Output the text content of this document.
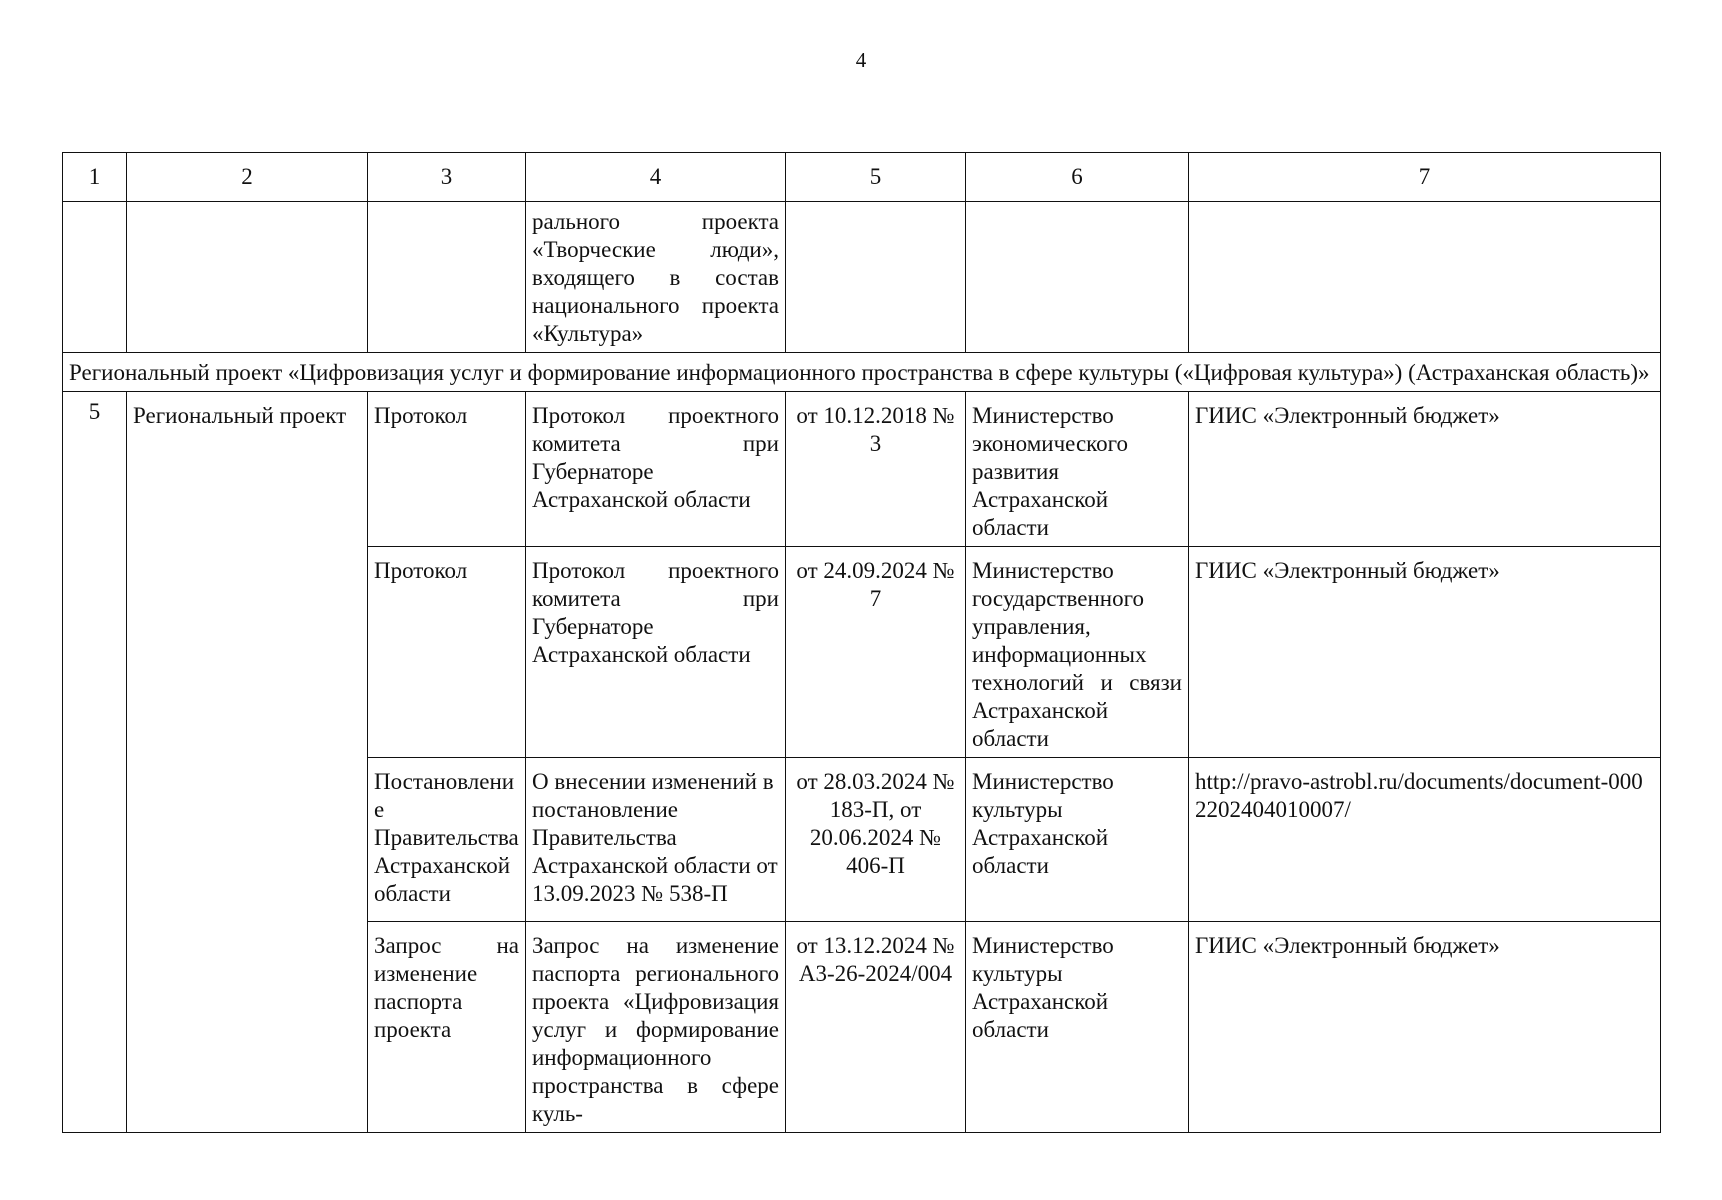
4
1	2	3	4	5	6	7
			рального проекта «Творческие люди», входящего в состав национального проекта «Культура»			
Региональный проект «Цифровизация услуг и формирование информационного пространства в сфере культуры («Цифровая культура») (Астраханская область)»						
5	Региональный проект	Протокол	Протокол проектного комитета при Губернаторе Астраханской области	от 10.12.2018 № 3	Министерство экономического развития Астраханской области	ГИИС «Электронный бюджет»
		Протокол	Протокол проектного комитета при Губернаторе Астраханской области	от 24.09.2024 № 7	Министерство государственного управления, информационных технологий и связи Астраханской области	ГИИС «Электронный бюджет»
		Постановление Правительства Астраханской области	О внесении изменений в постановление Правительства Астраханской области от 13.09.2023 № 538-П	от 28.03.2024 № 183-П, от 20.06.2024 № 406-П	Министерство культуры Астраханской области	http://pravo-astrobl.ru/documents/document-0002202404010007/
		Запрос на изменение паспорта проекта	Запрос на изменение паспорта регионального проекта «Цифровизация услуг и формирование информационного пространства в сфере куль-	от 13.12.2024 № А3-26-2024/004	Министерство культуры Астраханской области	ГИИС «Электронный бюджет»
